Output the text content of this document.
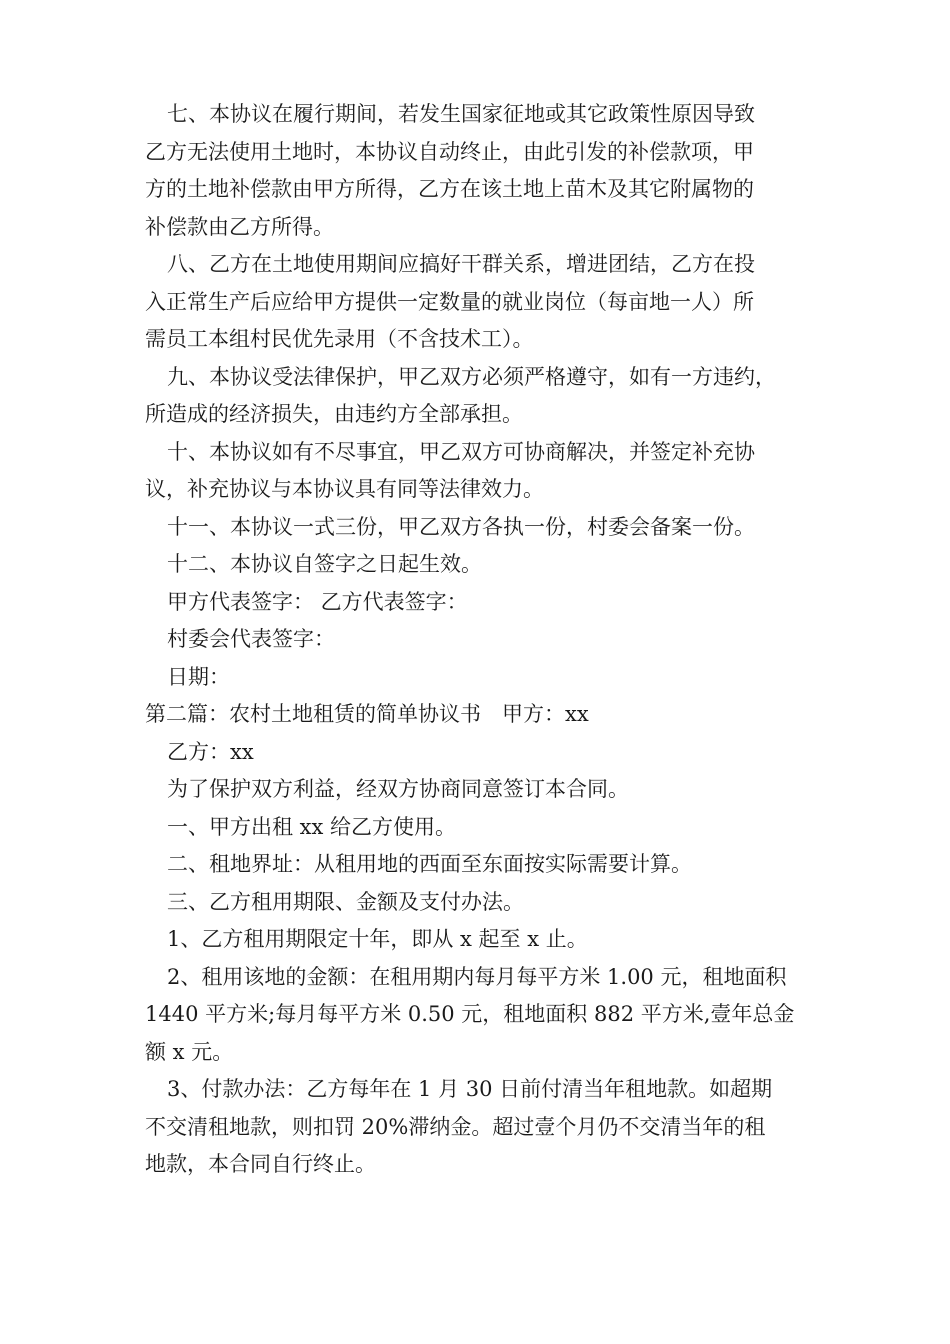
七、本协议在履行期间，若发生国家征地或其它政策性原因导致
乙方无法使用土地时，本协议自动终止，由此引发的补偿款项，甲
方的土地补偿款由甲方所得，乙方在该土地上苗木及其它附属物的
补偿款由乙方所得。
八、乙方在土地使用期间应搞好干群关系，增进团结，乙方在投
入正常生产后应给甲方提供一定数量的就业岗位（每亩地一人）所
需员工本组村民优先录用（不含技术工）。
九、本协议受法律保护，甲乙双方必须严格遵守，如有一方违约，
所造成的经济损失，由违约方全部承担。
十、本协议如有不尽事宜，甲乙双方可协商解决，并签定补充协
议，补充协议与本协议具有同等法律效力。
十一、本协议一式三份，甲乙双方各执一份，村委会备案一份。
十二、本协议自签字之日起生效。
甲方代表签字： 乙方代表签字：
村委会代表签字：
日期：
第二篇：农村土地租赁的简单协议书　甲方：xx
乙方：xx
为了保护双方利益，经双方协商同意签订本合同。
一、甲方出租 xx 给乙方使用。
二、租地界址：从租用地的西面至东面按实际需要计算。
三、乙方租用期限、金额及支付办法。
1、乙方租用期限定十年，即从 x 起至 x 止。
2、租用该地的金额：在租用期内每月每平方米 1.00 元，租地面积
1440 平方米;每月每平方米 0.50 元，租地面积 882 平方米,壹年总金
额 x 元。
3、付款办法：乙方每年在 1 月 30 日前付清当年租地款。如超期
不交清租地款，则扣罚 20%滞纳金。超过壹个月仍不交清当年的租
地款，本合同自行终止。
